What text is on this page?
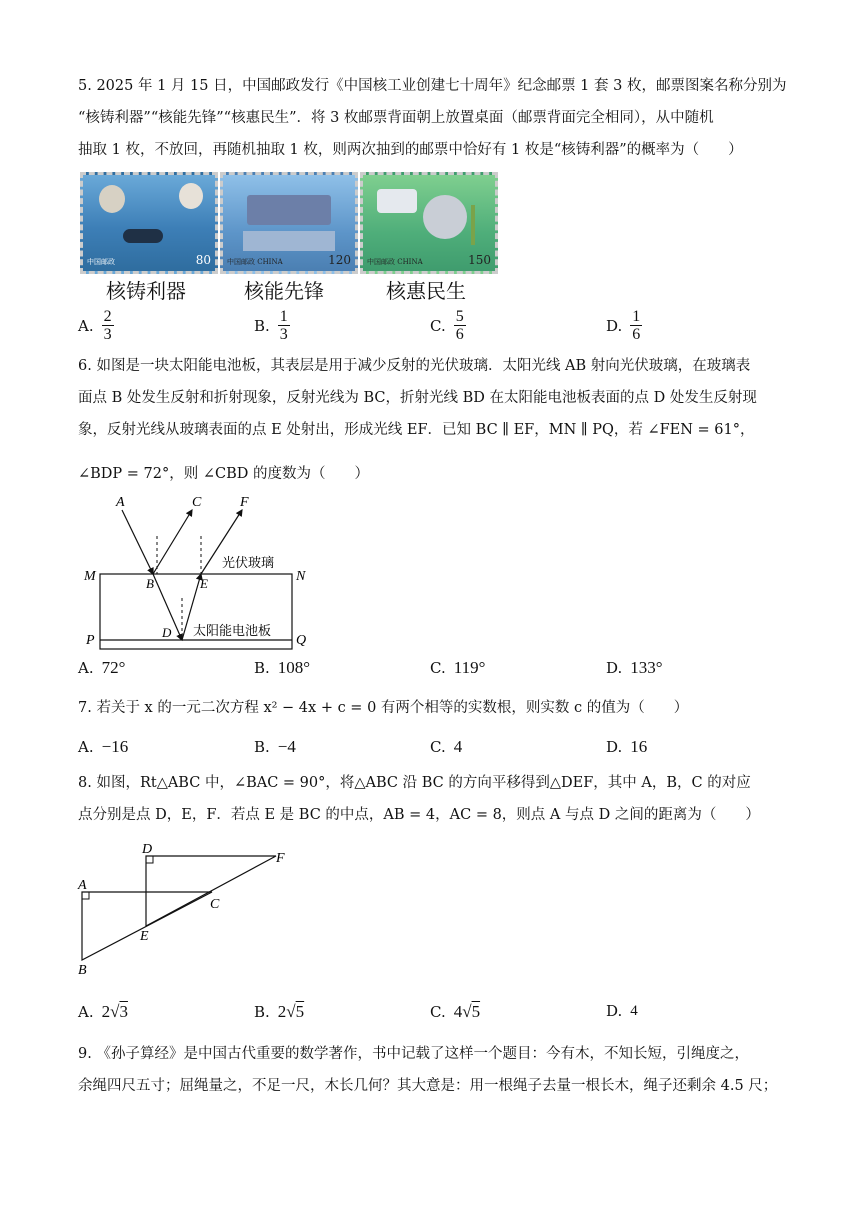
5. 2025 年 1 月 15 日，中国邮政发行《中国核工业创建七十周年》纪念邮票 1 套 3 枚，邮票图案名称分别为
“核铸利器”“核能先锋”“核惠民生”．将 3 枚邮票背面朝上放置桌面（邮票背面完全相同），从中随机
抽取 1 枚，不放回，再随机抽取 1 枚，则两次抽到的邮票中恰好有 1 枚是“核铸利器”的概率为（　　）
80
中国邮政	120
中国邮政 CHINA	150
中国邮政 CHINA
核铸利器	核能先锋	核惠民生
A. $\frac{2}{3}$	B. $\frac{1}{3}$	C. $\frac{5}{6}$	D. $\frac{1}{6}$
6. 如图是一块太阳能电池板，其表层是用于减少反射的光伏玻璃．太阳光线 AB 射向光伏玻璃，在玻璃表
面点 B 处发生反射和折射现象，反射光线为 BC，折射光线 BD 在太阳能电池板表面的点 D 处发生反射现
象，反射光线从玻璃表面的点 E 处射出，形成光线 EF．已知 BC ∥ EF，MN ∥ PQ，若 ∠FEN = 61°，
∠BDP = 72°，则 ∠CBD 的度数为（　　）
A	C	F
M	N
B	E
D
P	Q
光伏玻璃
太阳能电池板
A. 72°	B. 108°	C. 119°	D. 133°
7. 若关于 x 的一元二次方程 x² − 4x + c = 0 有两个相等的实数根，则实数 c 的值为（　　）
A. −16	B. −4	C. 4	D. 16
8. 如图，Rt△ABC 中，∠BAC = 90°，将△ABC 沿 BC 的方向平移得到△DEF，其中 A，B，C 的对应
点分别是点 D，E，F．若点 E 是 BC 的中点，AB = 4，AC = 8，则点 A 与点 D 之间的距离为（　　）
D
F
A
C
E
B
A. 2√3	B. 2√5	C. 4√5	D. 4
9. 《孙子算经》是中国古代重要的数学著作，书中记载了这样一个题目：今有木，不知长短，引绳度之，
余绳四尺五寸；屈绳量之，不足一尺，木长几何？其大意是：用一根绳子去量一根长木，绳子还剩余 4.5 尺；
